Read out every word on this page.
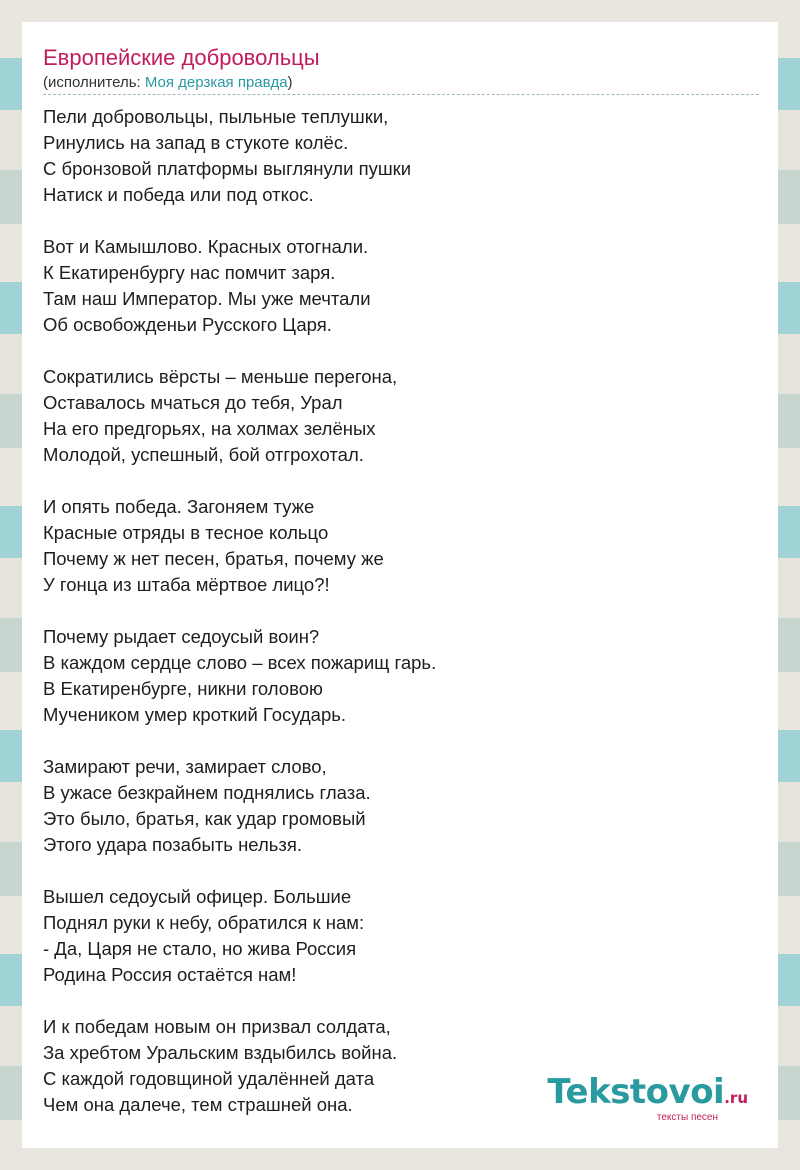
Европейские добровольцы
(исполнитель: Моя дерзкая правда)
Пели добровольцы, пыльные теплушки,
Ринулись на запад в стукоте колёс.
С бронзовой платформы выглянули пушки
Натиск и победа или под откос.
Вот и Камышлово. Красных отогнали.
К Екатиренбургу нас помчит заря.
Там наш Император. Мы уже мечтали
Об освобожденьи Русского Царя.
Сократились вёрсты – меньше перегона,
Оставалось мчаться до тебя, Урал
На его предгорьях, на холмах зелёных
Молодой, успешный, бой отгрохотал.
И опять победа. Загоняем туже
Красные отряды в тесное кольцо
Почему ж нет песен, братья, почему же
У гонца из штаба мёртвое лицо?!
Почему рыдает седоусый воин?
В каждом сердце слово – всех пожарищ гарь.
В Екатиренбурге, никни головою
Мучеником умер кроткий Государь.
Замирают речи, замирает слово,
В ужасе безкрайнем поднялись глаза.
Это было, братья, как удар громовый
Этого удара позабыть нельзя.
Вышел седоусый офицер. Большие
Поднял руки к небу, обратился к нам:
- Да, Царя не стало, но жива Россия
Родина Россия остаётся нам!
И к победам новым он призвал солдата,
За хребтом Уральским вздыбилсь война.
С каждой годовщиной удалённей дата
Чем она далече, тем страшней она.	Tekstovoi.ru
тексты песен
